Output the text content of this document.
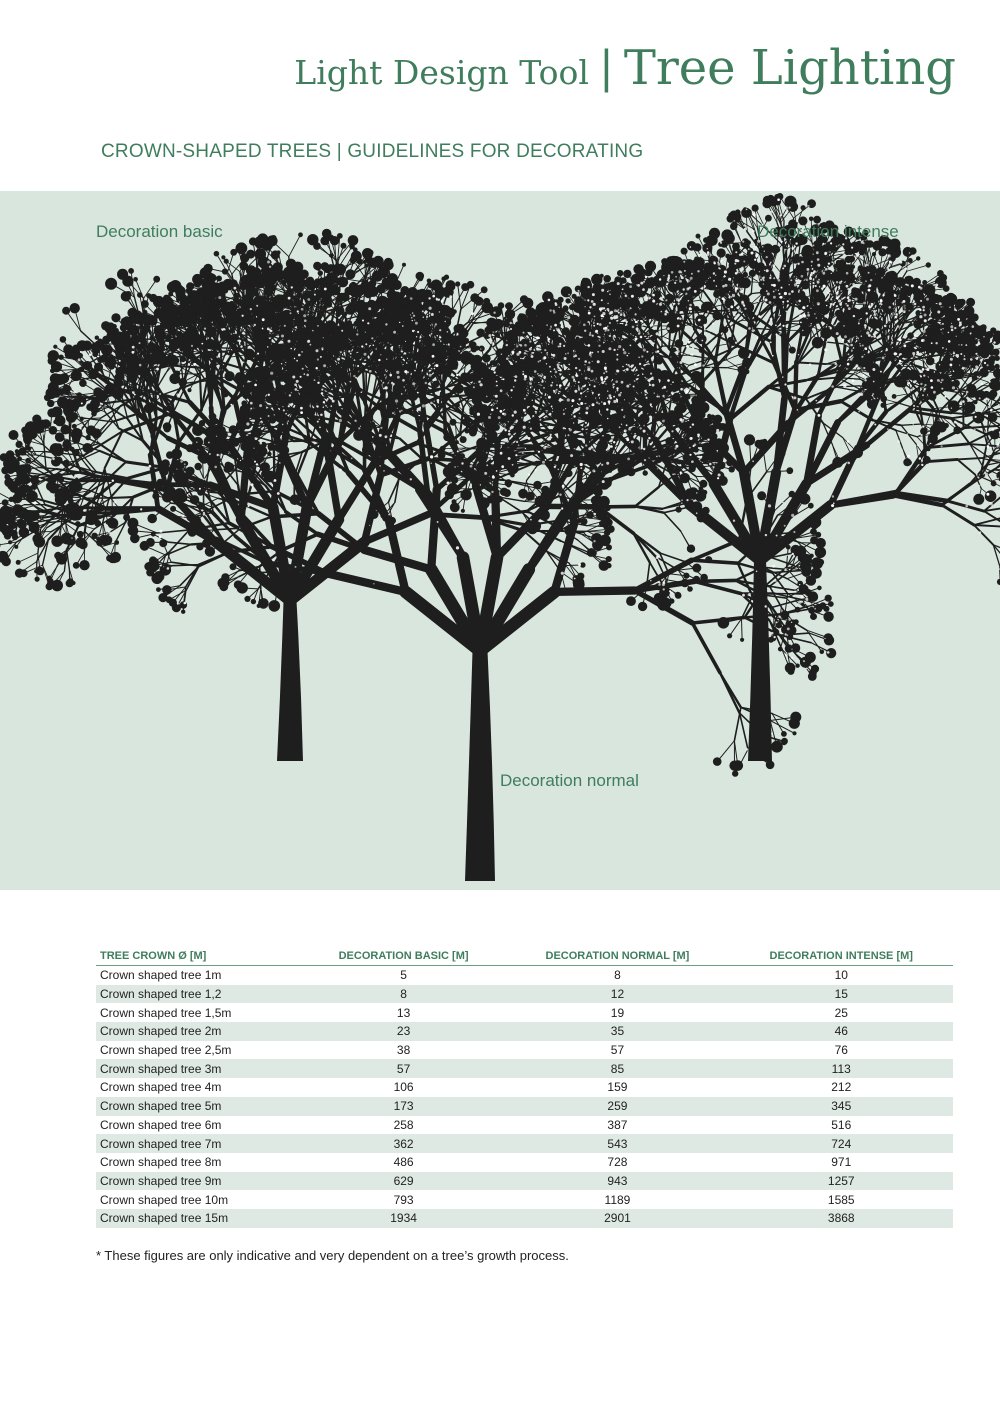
Light Design Tool | Tree Lighting
CROWN-SHAPED TREES | GUIDELINES FOR DECORATING
Decoration basic	Decoration intense
Decoration normal
TREE CROWN Ø [M]	DECORATION BASIC [M]	DECORATION NORMAL [M]	DECORATION INTENSE [M]
Crown shaped tree 1m	5	8	10
Crown shaped tree 1,2	8	12	15
Crown shaped tree 1,5m	13	19	25
Crown shaped tree 2m	23	35	46
Crown shaped tree 2,5m	38	57	76
Crown shaped tree 3m	57	85	113
Crown shaped tree 4m	106	159	212
Crown shaped tree 5m	173	259	345
Crown shaped tree 6m	258	387	516
Crown shaped tree 7m	362	543	724
Crown shaped tree 8m	486	728	971
Crown shaped tree 9m	629	943	1257
Crown shaped tree 10m	793	1189	1585
Crown shaped tree 15m	1934	2901	3868
* These figures are only indicative and very dependent on a tree’s growth process.
